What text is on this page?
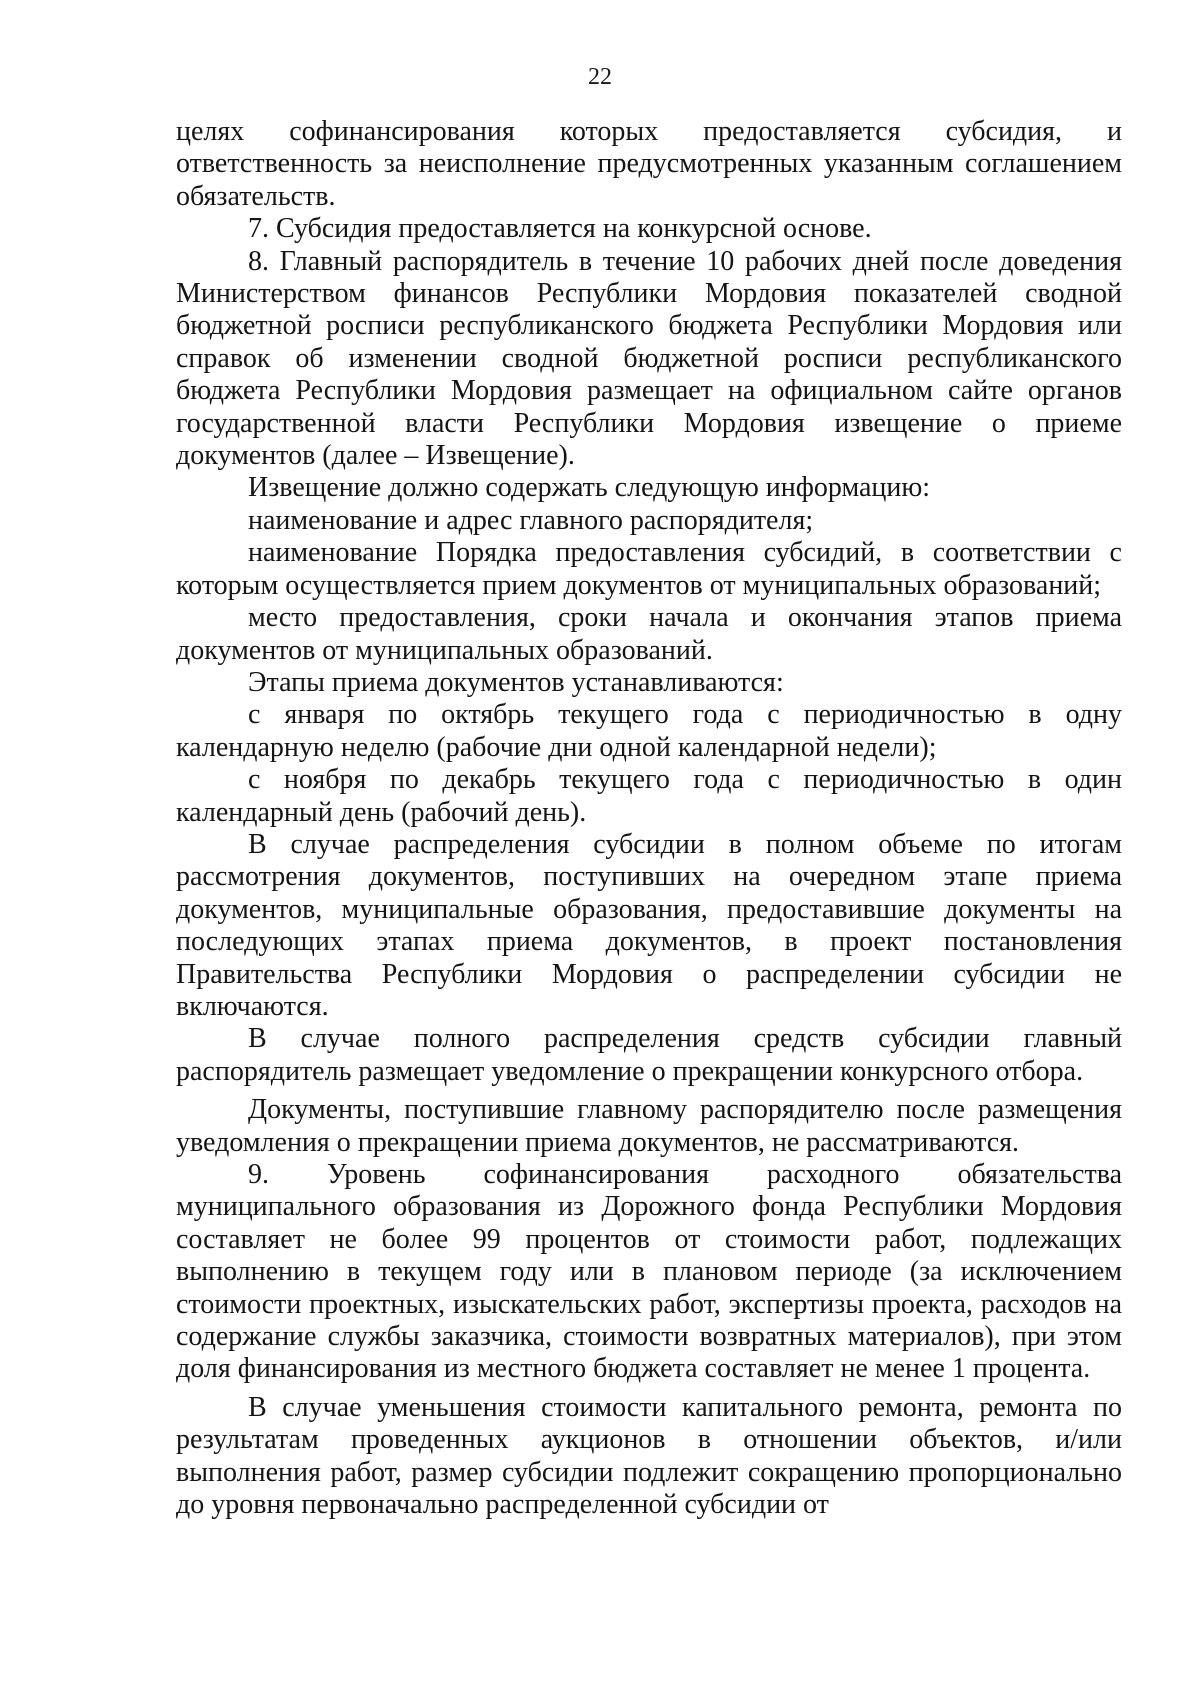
22

целях софинансирования которых предоставляется субсидия, и ответственность за неисполнение предусмотренных указанным соглашением обязательств.

7. Субсидия предоставляется на конкурсной основе.

8. Главный распорядитель в течение 10 рабочих дней после доведения Министерством финансов Республики Мордовия показателей сводной бюджетной росписи республиканского бюджета Республики Мордовия или справок об изменении сводной бюджетной росписи республиканского бюджета Республики Мордовия размещает на официальном сайте органов государственной власти Республики Мордовия извещение о приеме документов (далее – Извещение).

Извещение должно содержать следующую информацию:

наименование и адрес главного распорядителя;

наименование Порядка предоставления субсидий, в соответствии с которым осуществляется прием документов от муниципальных образований;

место предоставления, сроки начала и окончания этапов приема документов от муниципальных образований.

Этапы приема документов устанавливаются:

с января по октябрь текущего года с периодичностью в одну календарную неделю (рабочие дни одной календарной недели);

с ноября по декабрь текущего года с периодичностью в один календарный день (рабочий день).

В случае распределения субсидии в полном объеме по итогам рассмотрения документов, поступивших на очередном этапе приема документов, муниципальные образования, предоставившие документы на последующих этапах приема документов, в проект постановления Правительства Республики Мордовия о распределении субсидии не включаются.

В случае полного распределения средств субсидии главный распорядитель размещает уведомление о прекращении конкурсного отбора.

Документы, поступившие главному распорядителю после размещения уведомления о прекращении приема документов, не рассматриваются.

9. Уровень софинансирования расходного обязательства муниципального образования из Дорожного фонда Республики Мордовия составляет не более 99 процентов от стоимости работ, подлежащих выполнению в текущем году или в плановом периоде (за исключением стоимости проектных, изыскательских работ, экспертизы проекта, расходов на содержание службы заказчика, стоимости возвратных материалов), при этом доля финансирования из местного бюджета составляет не менее 1 процента.

В случае уменьшения стоимости капитального ремонта, ремонта по результатам проведенных аукционов в отношении объектов, и/или выполнения работ, размер субсидии подлежит сокращению пропорционально до уровня первоначально распределенной субсидии от
